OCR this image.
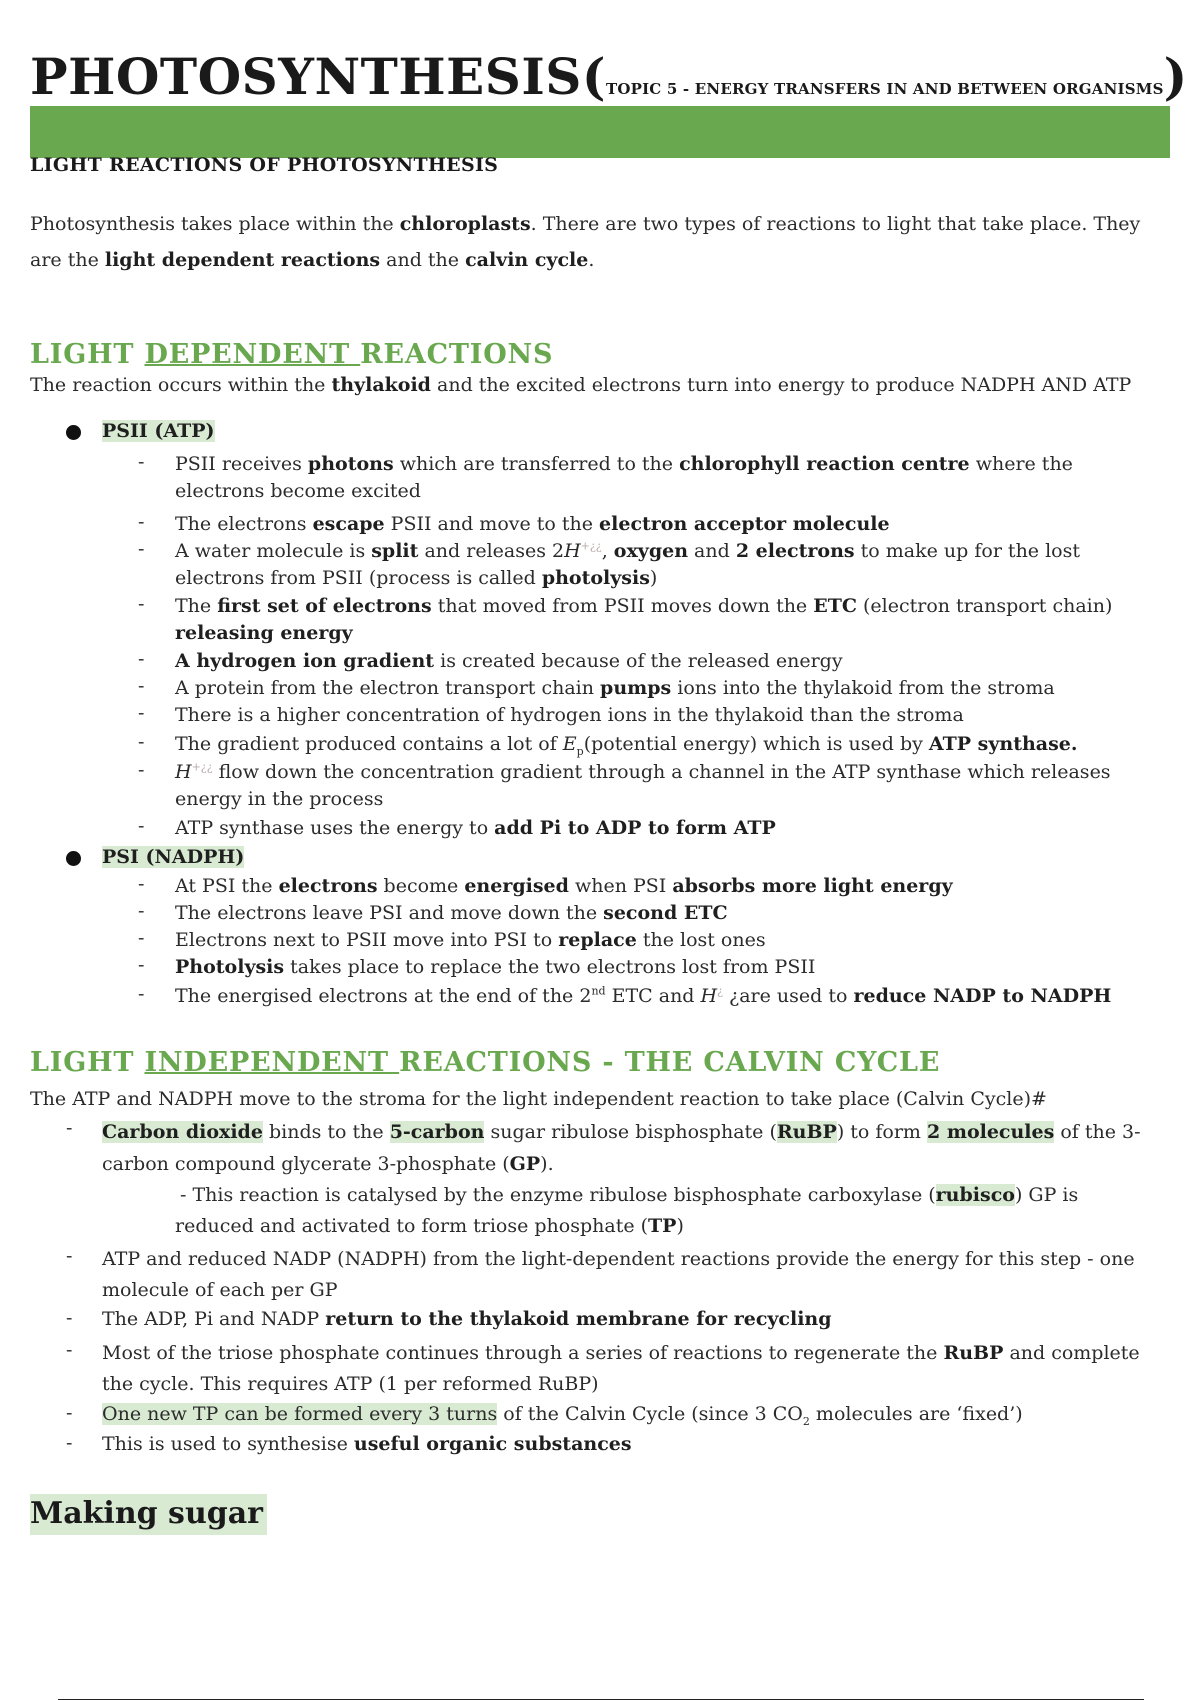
PHOTOSYNTHESIS(TOPIC 5 - ENERGY TRANSFERS IN AND BETWEEN ORGANISMS)
LIGHT REACTIONS OF PHOTOSYNTHESIS
Photosynthesis takes place within the chloroplasts. There are two types of reactions to light that take place. They are the light dependent reactions and the calvin cycle.
LIGHT DEPENDENT REACTIONS
The reaction occurs within the thylakoid and the excited electrons turn into energy to produce NADPH AND ATP
PSII (ATP)
- PSII receives photons which are transferred to the chlorophyll reaction centre where the electrons become excited
- The electrons escape PSII and move to the electron acceptor molecule
- A water molecule is split and releases 2H+¿¿, oxygen and 2 electrons to make up for the lost electrons from PSII (process is called photolysis)
- The first set of electrons that moved from PSII moves down the ETC (electron transport chain) releasing energy
- A hydrogen ion gradient is created because of the released energy
- A protein from the electron transport chain pumps ions into the thylakoid from the stroma
- There is a higher concentration of hydrogen ions in the thylakoid than the stroma
- The gradient produced contains a lot of $E_p(potential$ energy) which is used by ATP synthase.
- H+¿¿ flow down the concentration gradient through a channel in the ATP synthase which releases energy in the process
- ATP synthase uses the energy to add Pi to ADP to form ATP
PSI (NADPH)
- At PSI the electrons become energised when PSI absorbs more light energy
- The electrons leave PSI and move down the second ETC
- Electrons next to PSII move into PSI to replace the lost ones
- Photolysis takes place to replace the two electrons lost from PSII
- The energised electrons at the end of the 2nd ETC and H¿ ¿are used to reduce NADP to NADPH
LIGHT INDEPENDENT REACTIONS - THE CALVIN CYCLE
The ATP and NADPH move to the stroma for the light independent reaction to take place (Calvin Cycle)#
- Carbon dioxide binds to the 5-carbon sugar ribulose bisphosphate (RuBP) to form 2 molecules of the 3- carbon compound glycerate 3-phosphate (GP).
- This reaction is catalysed by the enzyme ribulose bisphosphate carboxylase (rubisco) GP is reduced and activated to form triose phosphate (TP)
- ATP and reduced NADP (NADPH) from the light-dependent reactions provide the energy for this step - one molecule of each per GP
- The ADP, Pi and NADP return to the thylakoid membrane for recycling
- Most of the triose phosphate continues through a series of reactions to regenerate the RuBP and complete the cycle. This requires ATP (1 per reformed RuBP)
- One new TP can be formed every 3 turns of the Calvin Cycle (since 3 $CO_2$ molecules are ‘fixed’)
- This is used to synthesise useful organic substances
Making sugar
